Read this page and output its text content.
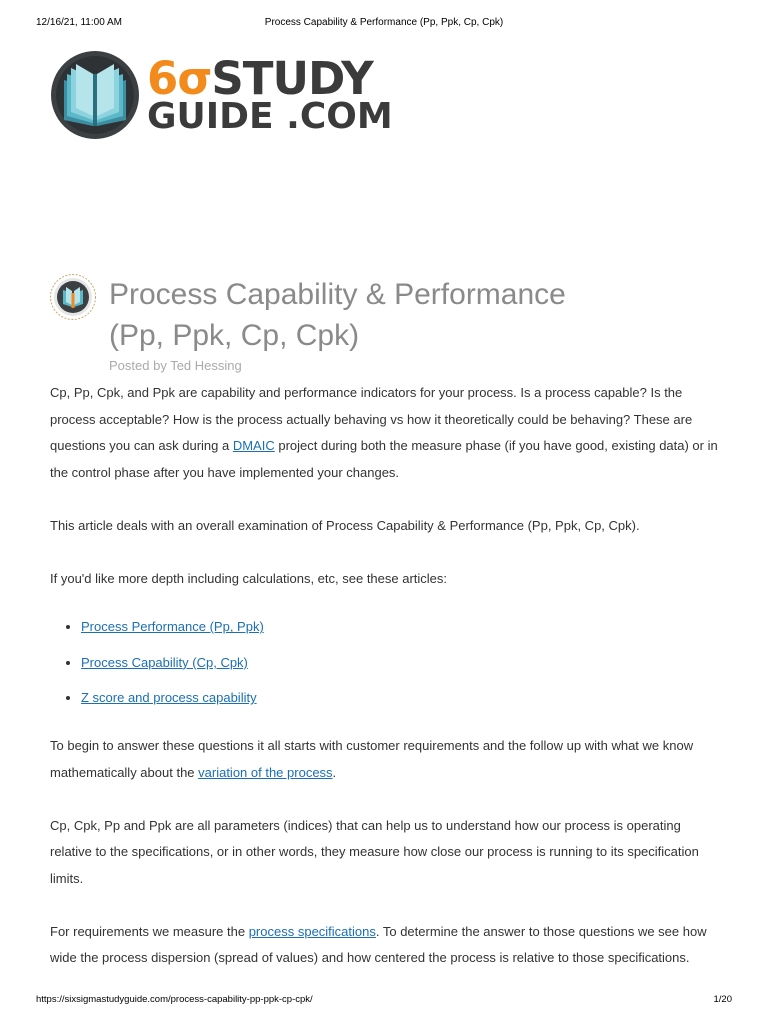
12/16/21, 11:00 AM	Process Capability & Performance (Pp, Ppk, Cp, Cpk)
6σSTUDY
GUIDE .COM
Process Capability & Performance
(Pp, Ppk, Cp, Cpk)
Posted by Ted Hessing

Cp, Pp, Cpk, and Ppk are capability and performance indicators for your process. Is a process capable? Is the process acceptable? How is the process actually behaving vs how it theoretically could be behaving? These are questions you can ask during a DMAIC project during both the measure phase (if you have good, existing data) or in the control phase after you have implemented your changes.

This article deals with an overall examination of Process Capability & Performance (Pp, Ppk, Cp, Cpk).

If you'd like more depth including calculations, etc, see these articles:

• Process Performance (Pp, Ppk)
• Process Capability (Cp, Cpk)
• Z score and process capability

To begin to answer these questions it all starts with customer requirements and the follow up with what we know mathematically about the variation of the process.

Cp, Cpk, Pp and Ppk are all parameters (indices) that can help us to understand how our process is operating relative to the specifications, or in other words, they measure how close our process is running to its specification limits.

For requirements we measure the process specifications. To determine the answer to those questions we see how wide the process dispersion (spread of values) and how centered the process is relative to those specifications.

https://sixsigmastudyguide.com/process-capability-pp-ppk-cp-cpk/	1/20
